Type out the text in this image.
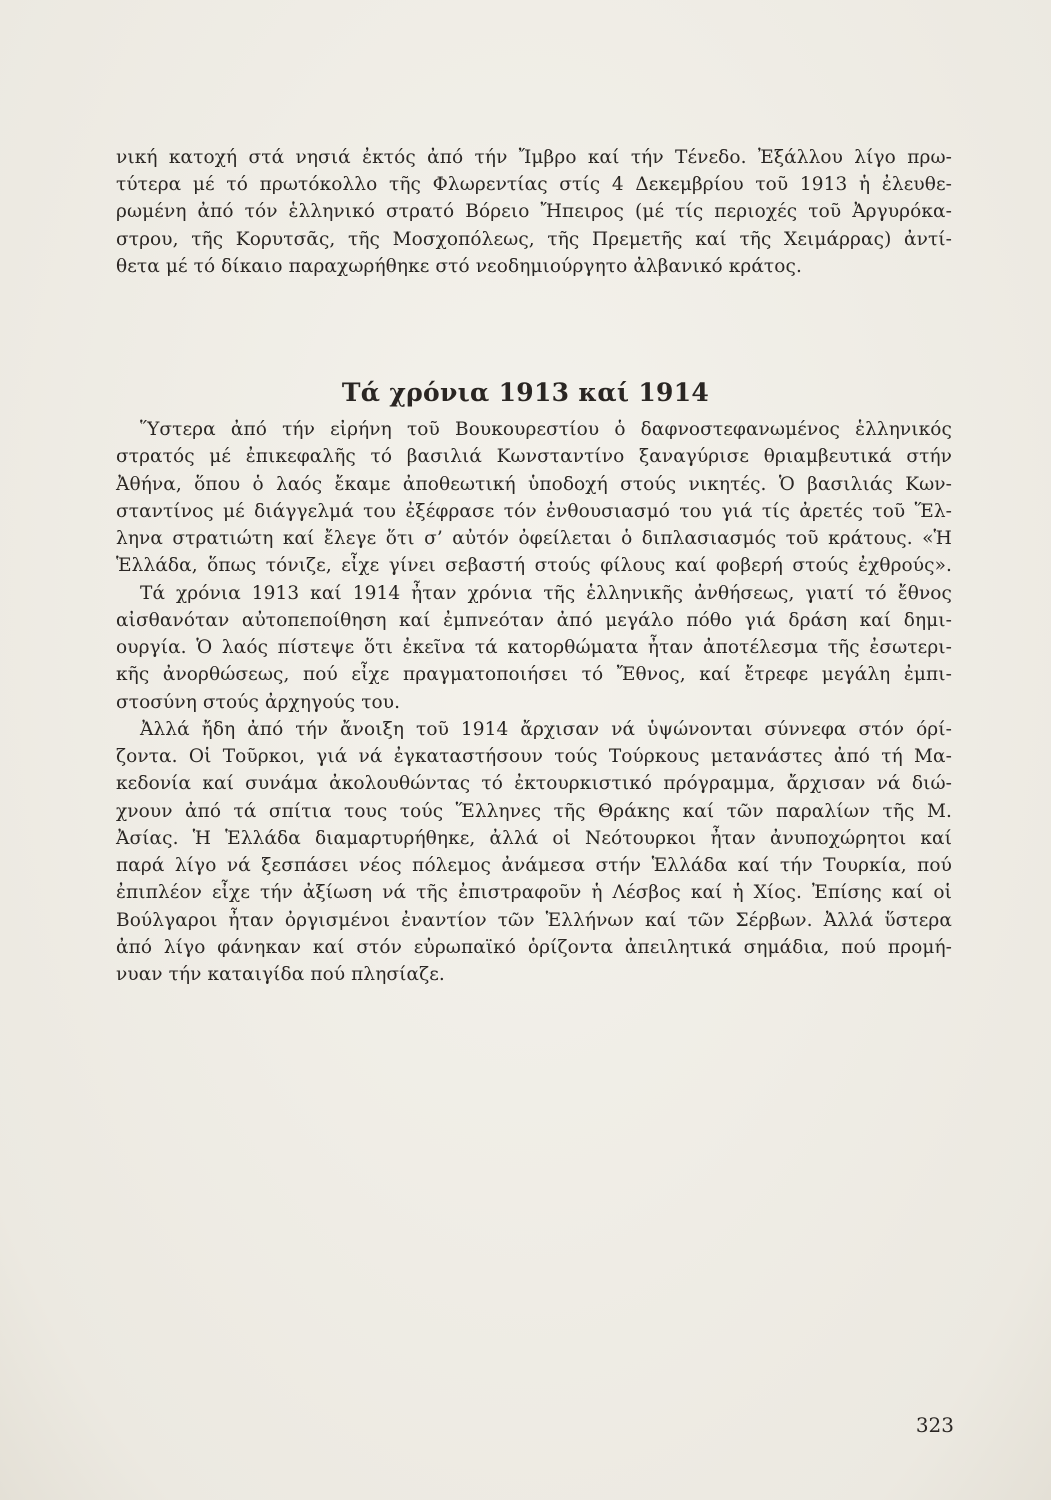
νική κατοχή στά νησιά ἐκτός ἀπό τήν Ἴμβρο καί τήν Τένεδο. Ἐξάλλου λίγο πρω-
τύτερα μέ τό πρωτόκολλο τῆς Φλωρεντίας στίς 4 Δεκεμβρίου τοῦ 1913 ἡ ἐλευθε-
ρωμένη ἀπό τόν ἑλληνικό στρατό Βόρειο Ἤπειρος (μέ τίς περιοχές τοῦ Ἀργυρόκα-
στρου, τῆς Κορυτσᾶς, τῆς Μοσχοπόλεως, τῆς Πρεμετῆς καί τῆς Χειμάρρας) ἀντί-
θετα μέ τό δίκαιο παραχωρήθηκε στό νεοδημιούργητο ἀλβανικό κράτος.
Τά χρόνια 1913 καί 1914
Ὕστερα ἀπό τήν εἰρήνη τοῦ Βουκουρεστίου ὁ δαφνοστεφανωμένος ἑλληνικός
στρατός μέ ἐπικεφαλῆς τό βασιλιά Κωνσταντίνο ξαναγύρισε θριαμβευτικά στήν
Ἀθήνα, ὅπου ὁ λαός ἔκαμε ἀποθεωτική ὑποδοχή στούς νικητές. Ὁ βασιλιάς Κων-
σταντίνος μέ διάγγελμά του ἐξέφρασε τόν ἐνθουσιασμό του γιά τίς ἀρετές τοῦ Ἕλ-
ληνα στρατιώτη καί ἔλεγε ὅτι σ’ αὐτόν ὀφείλεται ὁ διπλασιασμός τοῦ κράτους. «Ἡ
Ἑλλάδα, ὅπως τόνιζε, εἶχε γίνει σεβαστή στούς φίλους καί φοβερή στούς ἐχθρούς».
Τά χρόνια 1913 καί 1914 ἦταν χρόνια τῆς ἑλληνικῆς ἀνθήσεως, γιατί τό ἔθνος
αἰσθανόταν αὐτοπεποίθηση καί ἐμπνεόταν ἀπό μεγάλο πόθο γιά δράση καί δημι-
ουργία. Ὁ λαός πίστεψε ὅτι ἐκεῖνα τά κατορθώματα ἦταν ἀποτέλεσμα τῆς ἐσωτερι-
κῆς ἀνορθώσεως, πού εἶχε πραγματοποιήσει τό Ἔθνος, καί ἔτρεφε μεγάλη ἐμπι-
στοσύνη στούς ἀρχηγούς του.
Ἀλλά ἤδη ἀπό τήν ἄνοιξη τοῦ 1914 ἄρχισαν νά ὑψώνονται σύννεφα στόν όρί-
ζοντα. Οἱ Τοῦρκοι, γιά νά ἐγκαταστήσουν τούς Τούρκους μετανάστες ἀπό τή Μα-
κεδονία καί συνάμα ἀκολουθώντας τό ἐκτουρκιστικό πρόγραμμα, ἄρχισαν νά διώ-
χνουν ἀπό τά σπίτια τους τούς Ἕλληνες τῆς Θράκης καί τῶν παραλίων τῆς Μ.
Ἀσίας. Ἡ Ἑλλάδα διαμαρτυρήθηκε, ἀλλά οἱ Νεότουρκοι ἦταν ἀνυποχώρητοι καί
παρά λίγο νά ξεσπάσει νέος πόλεμος ἀνάμεσα στήν Ἑλλάδα καί τήν Τουρκία, πού
ἐπιπλέον εἶχε τήν ἀξίωση νά τῆς ἐπιστραφοῦν ἡ Λέσβος καί ἡ Χίος. Ἐπίσης καί οἱ
Βούλγαροι ἦταν ὀργισμένοι ἐναντίον τῶν Ἑλλήνων καί τῶν Σέρβων. Ἀλλά ὕστερα
ἀπό λίγο φάνηκαν καί στόν εὐρωπαϊκό ὁρίζοντα ἀπειλητικά σημάδια, πού προμή-
νυαν τήν καταιγίδα πού πλησίαζε.
323
